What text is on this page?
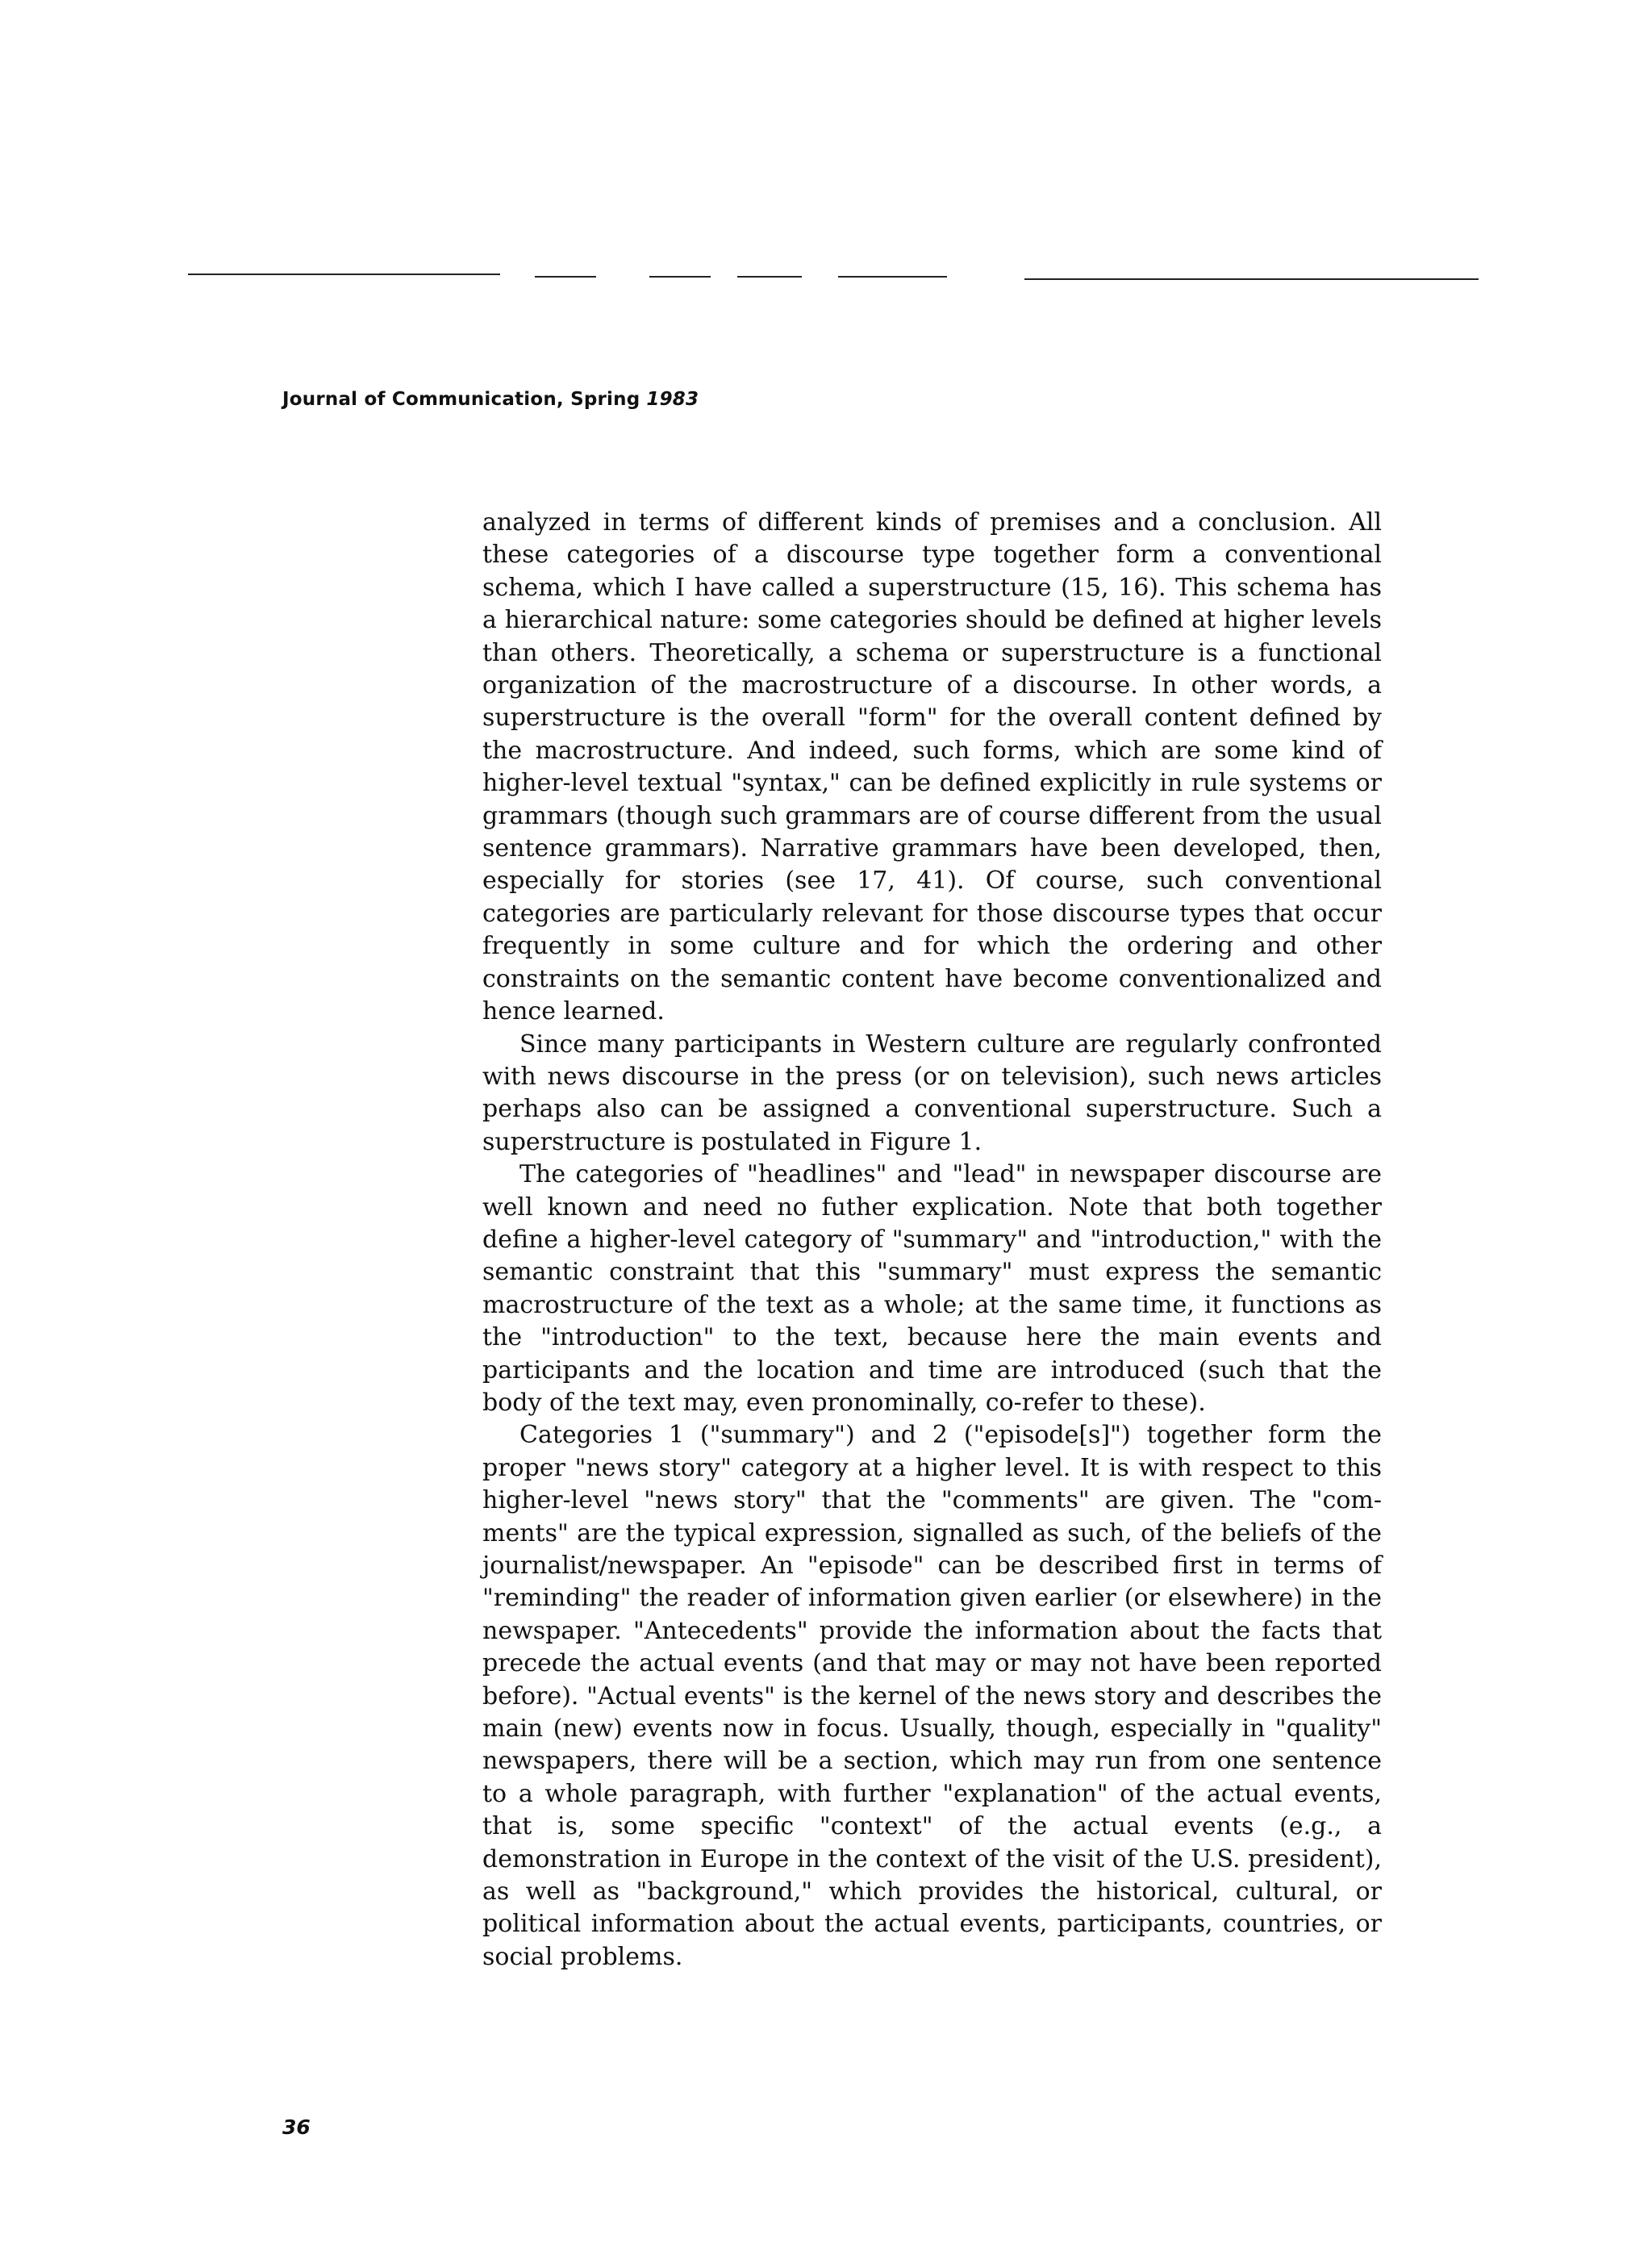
Journal of Communication, Spring 1983

analyzed in terms of different kinds of premises and a conclusion. All these categories of a discourse type together form a conventional schema, which I have called a superstructure (15, 16). This schema has a hierarchical nature: some categories should be defined at higher levels than others. Theoretically, a schema or superstructure is a functional organization of the macrostructure of a discourse. In other words, a superstructure is the overall "form" for the overall content defined by the macrostructure. And indeed, such forms, which are some kind of higher-level textual "syntax," can be defined explicitly in rule systems or grammars (though such grammars are of course different from the usual sentence grammars). Narrative grammars have been developed, then, especially for stories (see 17, 41). Of course, such conventional categories are particularly relevant for those discourse types that occur frequently in some culture and for which the ordering and other constraints on the semantic content have become conventionalized and hence learned.

Since many participants in Western culture are regularly confronted with news discourse in the press (or on television), such news articles perhaps also can be assigned a conventional superstructure. Such a superstructure is postulated in Figure 1.

The categories of "headlines" and "lead" in newspaper discourse are well known and need no futher explication. Note that both together define a higher-level category of "summary" and "introduction," with the semantic constraint that this "summary" must express the semantic macrostructure of the text as a whole; at the same time, it functions as the "introduction" to the text, because here the main events and participants and the location and time are introduced (such that the body of the text may, even pronominally, co-refer to these).

Categories 1 ("summary") and 2 ("episode[s]") together form the proper "news story" category at a higher level. It is with respect to this higher-level "news story" that the "comments" are given. The "comments" are the typical expression, signalled as such, of the beliefs of the journalist/newspaper. An "episode" can be described first in terms of "reminding" the reader of information given earlier (or elsewhere) in the newspaper. "Antecedents" provide the information about the facts that precede the actual events (and that may or may not have been reported before). "Actual events" is the kernel of the news story and describes the main (new) events now in focus. Usually, though, especially in "quality" newspapers, there will be a section, which may run from one sentence to a whole paragraph, with further "explanation" of the actual events, that is, some specific "context" of the actual events (e.g., a demonstration in Europe in the context of the visit of the U.S. president), as well as "background," which provides the historical, cultural, or political information about the actual events, participants, countries, or social problems.

36
